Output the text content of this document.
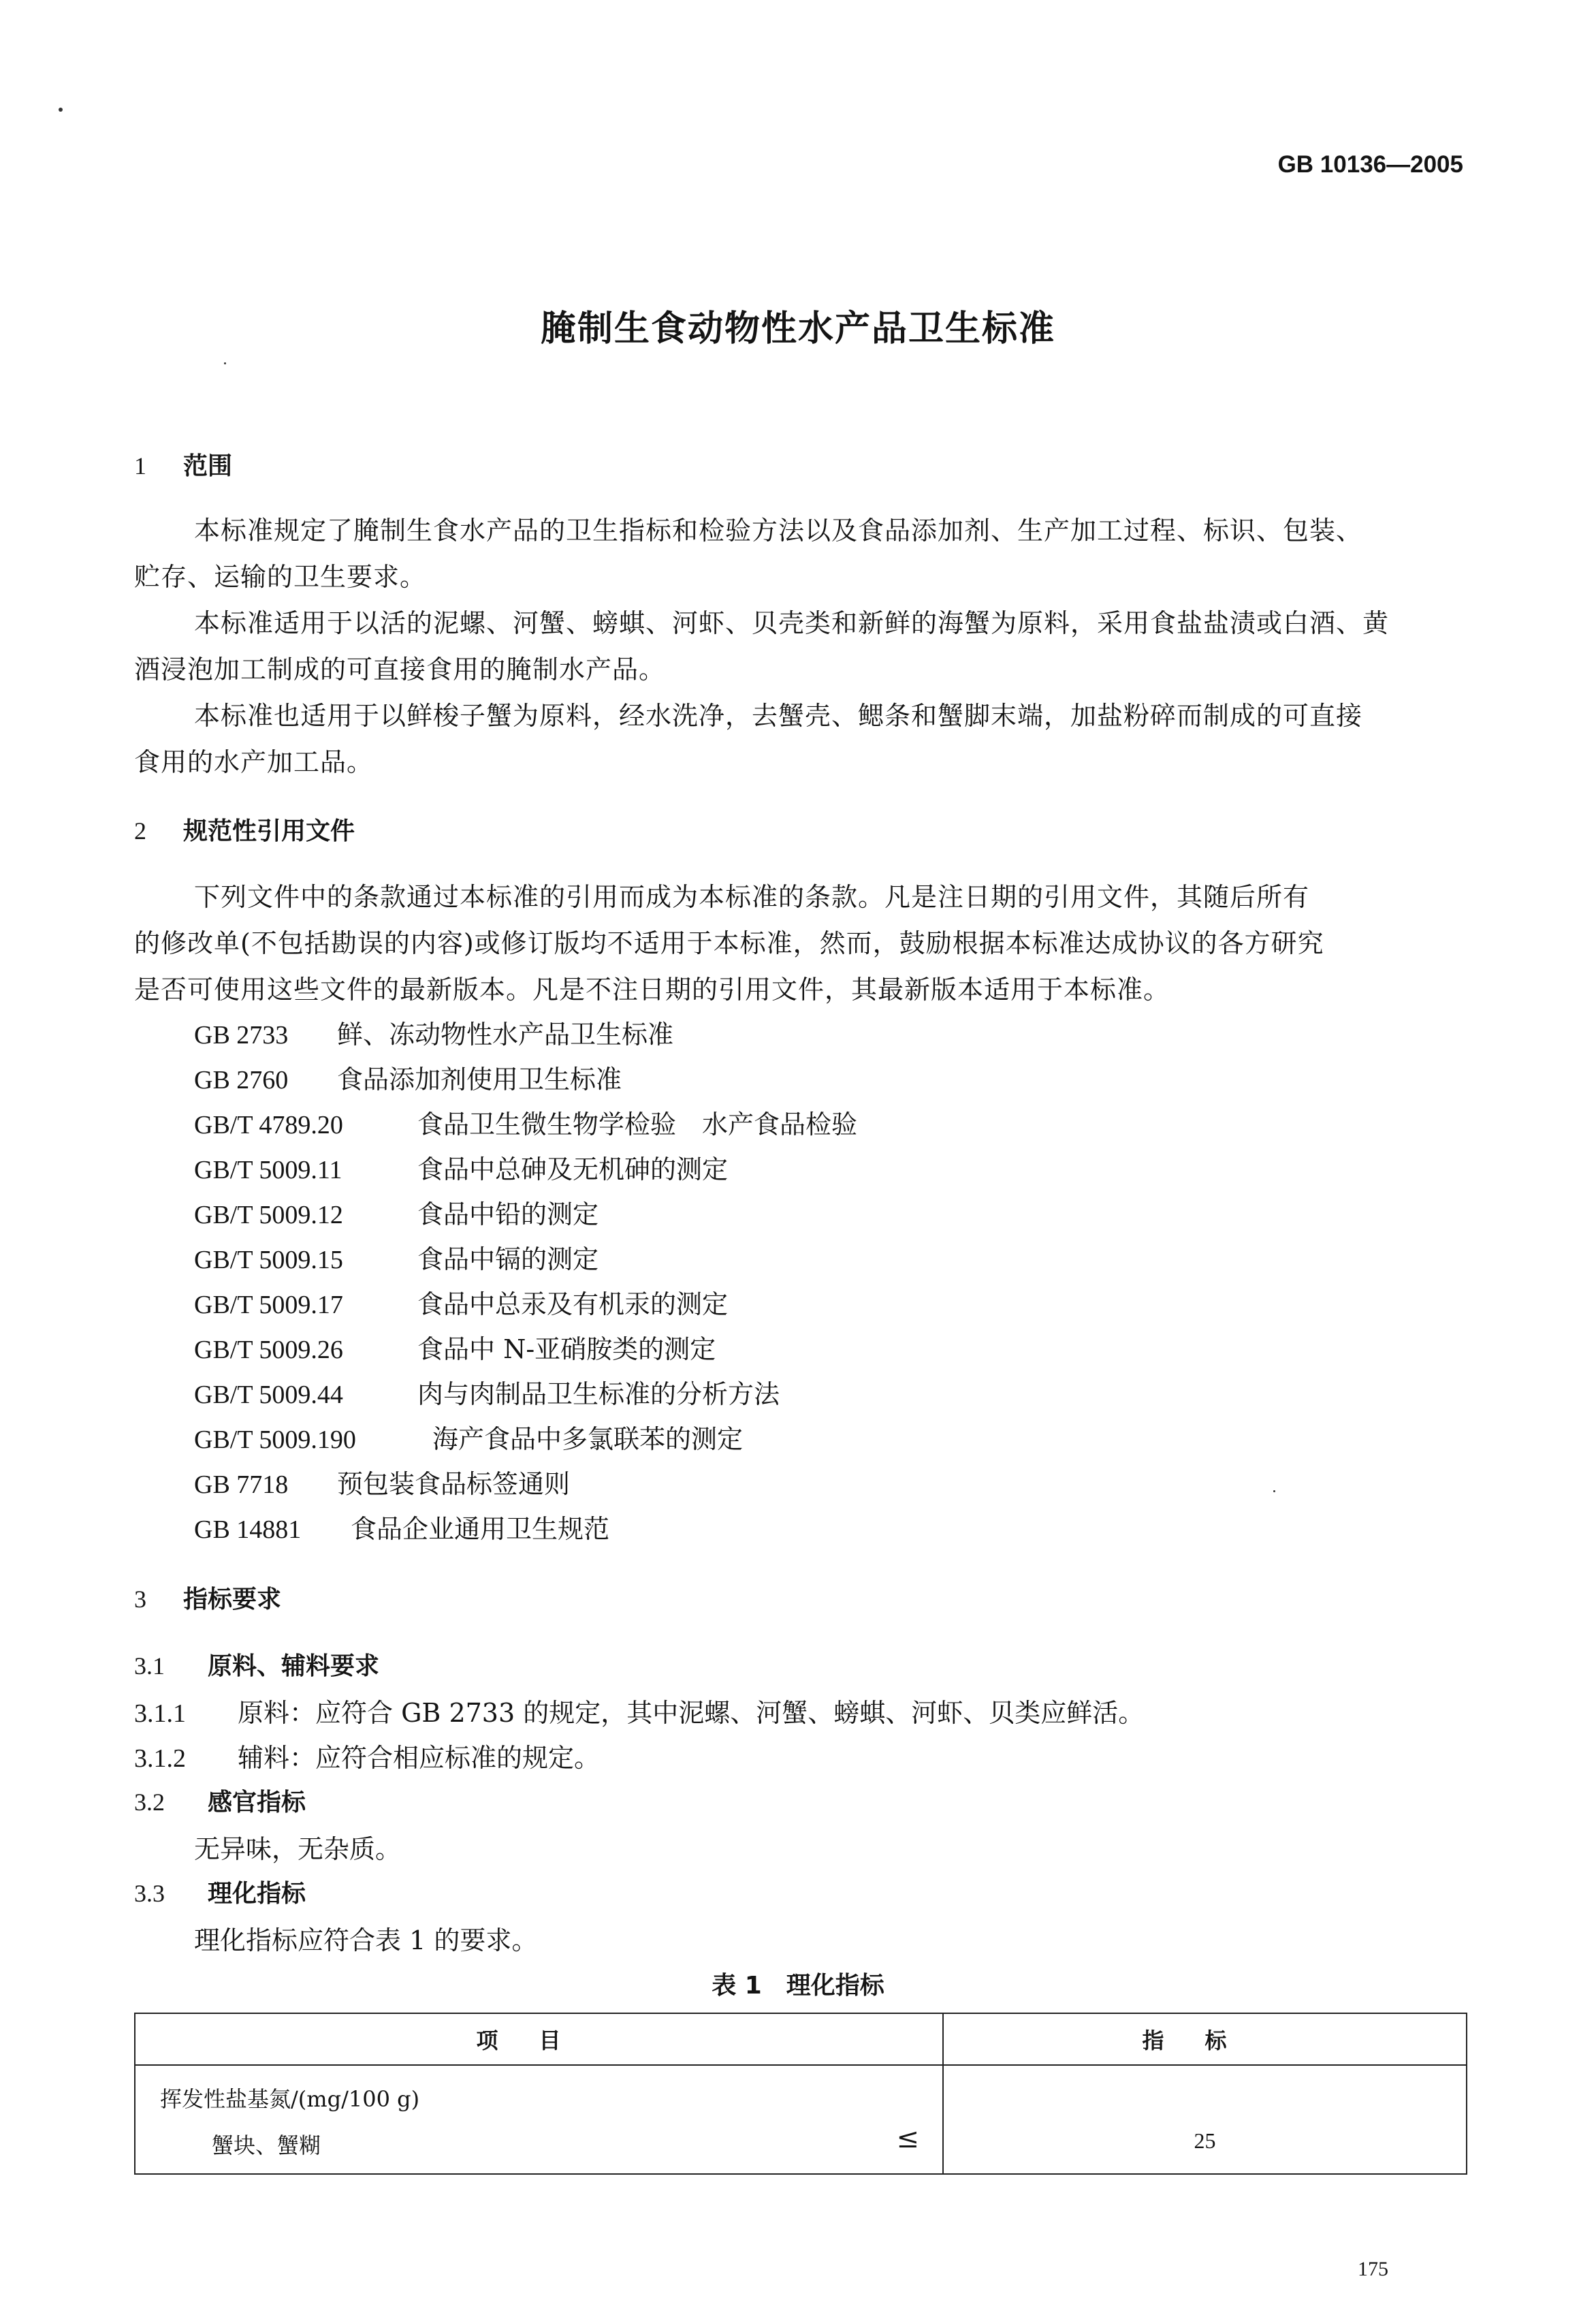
GB 10136—2005
腌制生食动物性水产品卫生标准
1 范围
本标准规定了腌制生食水产品的卫生指标和检验方法以及食品添加剂、生产加工过程、标识、包装、
贮存、运输的卫生要求。
本标准适用于以活的泥螺、河蟹、螃蜞、河虾、贝壳类和新鲜的海蟹为原料，采用食盐盐渍或白酒、黄
酒浸泡加工制成的可直接食用的腌制水产品。
本标准也适用于以鲜梭子蟹为原料，经水洗净，去蟹壳、鳃条和蟹脚末端，加盐粉碎而制成的可直接
食用的水产加工品。
2 规范性引用文件
下列文件中的条款通过本标准的引用而成为本标准的条款。凡是注日期的引用文件，其随后所有
的修改单(不包括勘误的内容)或修订版均不适用于本标准，然而，鼓励根据本标准达成协议的各方研究
是否可使用这些文件的最新版本。凡是不注日期的引用文件，其最新版本适用于本标准。
GB 2733 鲜、冻动物性水产品卫生标准
GB 2760 食品添加剂使用卫生标准
GB/T 4789.20	食品卫生微生物学检验　水产食品检验
GB/T 5009.11	食品中总砷及无机砷的测定
GB/T 5009.12	食品中铅的测定
GB/T 5009.15	食品中镉的测定
GB/T 5009.17	食品中总汞及有机汞的测定
GB/T 5009.26	食品中 N-亚硝胺类的测定
GB/T 5009.44	肉与肉制品卫生标准的分析方法
GB/T 5009.190	海产食品中多氯联苯的测定
GB 7718 预包装食品标签通则
GB 14881 食品企业通用卫生规范
3 指标要求
3.1 原料、辅料要求
3.1.1 原料：应符合 GB 2733 的规定，其中泥螺、河蟹、螃蜞、河虾、贝类应鲜活。
3.1.2 辅料：应符合相应标准的规定。
3.2 感官指标
无异味，无杂质。
3.3 理化指标
理化指标应符合表 1 的要求。
表 1　理化指标
项目	指标

挥发性盐基氮/(mg/100 g)
蟹块、蟹糊 ≤	25
175
